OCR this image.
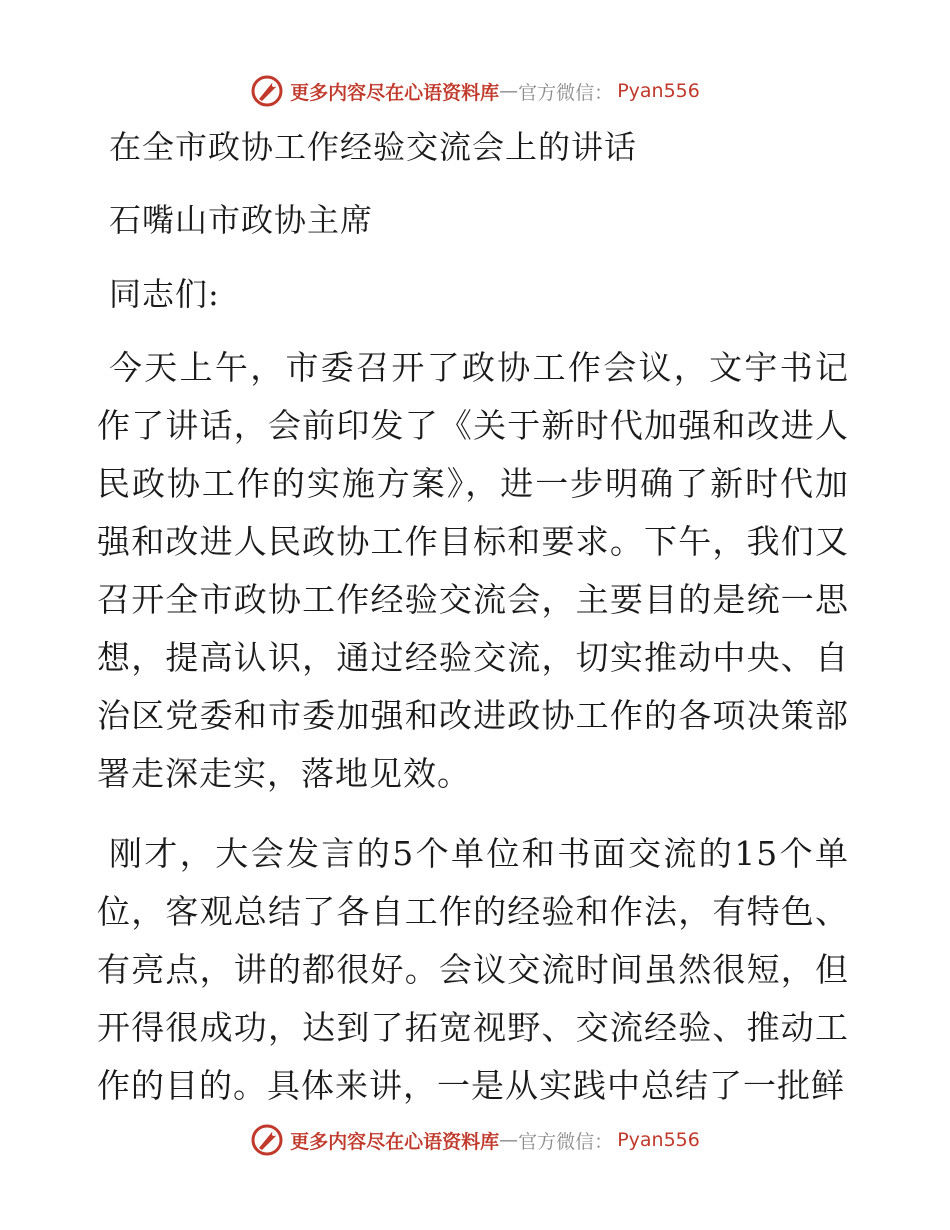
更多内容尽在心语资料库 — 官方微信： Pyan556
在全市政协工作经验交流会上的讲话
石嘴山市政协主席
同志们:

今天上午，市委召开了政协工作会议，文宇书记作了讲话，会前印发了《关于新时代加强和改进人民政协工作的实施方案》，进一步明确了新时代加强和改进人民政协工作目标和要求。下午，我们又召开全市政协工作经验交流会，主要目的是统一思想，提高认识，通过经验交流，切实推动中央、自治区党委和市委加强和改进政协工作的各项决策部署走深走实，落地见效。

刚才，大会发言的5个单位和书面交流的15个单位，客观总结了各自工作的经验和作法，有特色、有亮点，讲的都很好。会议交流时间虽然很短，但开得很成功，达到了拓宽视野、交流经验、推动工作的目的。具体来讲，一是从实践中总结了一批鲜

更多内容尽在心语资料库 — 官方微信： Pyan556
